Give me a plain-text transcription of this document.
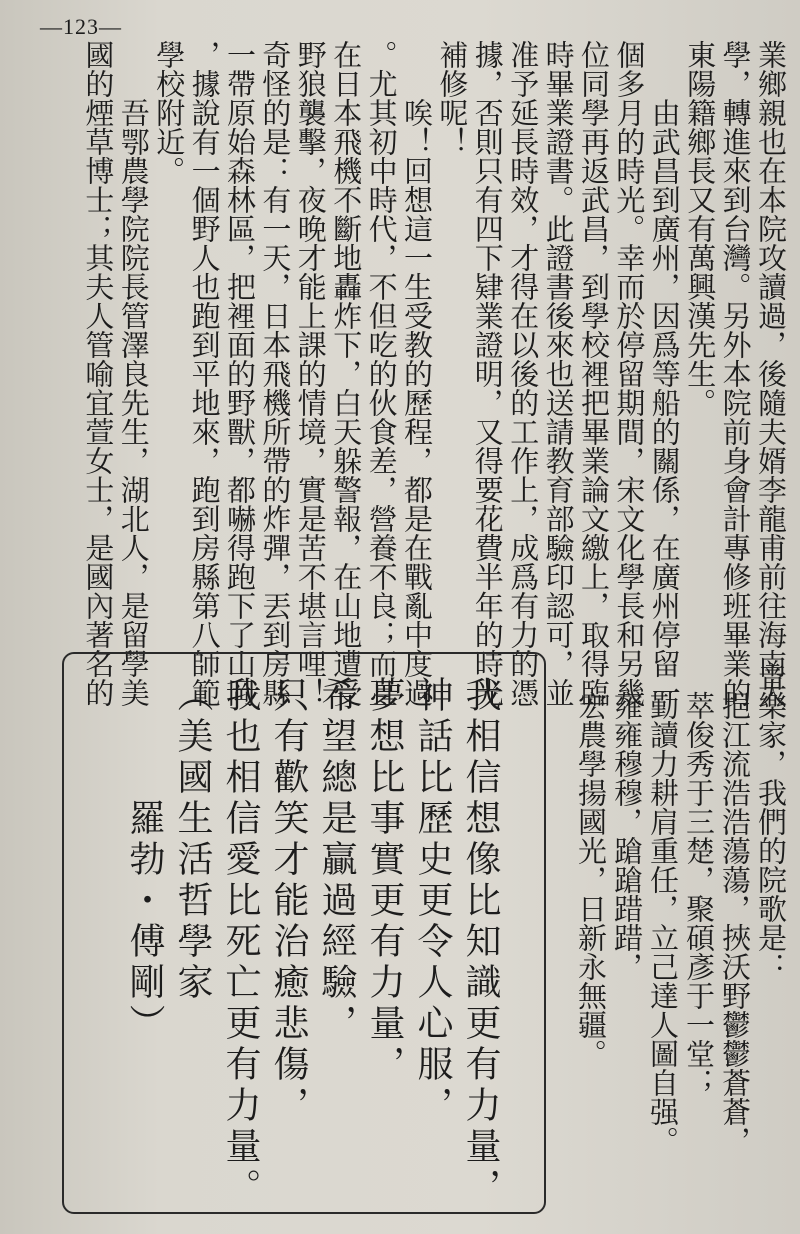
—123—
業鄉親也在本院攻讀過，後隨夫婿李龍甫前往海南大
學，轉進來到台灣。另外本院前身會計專修班畢業的
東陽籍鄉長又有萬興漢先生。
　　由武昌到廣州，因爲等船的關係，在廣州停留一
個多月的時光。幸而於停留期間，宋文化學長和另幾
位同學再返武昌，到學校裡把畢業論文繳上，取得臨
時畢業證書。此證書後來也送請教育部驗印認可，並
准予延長時效，才得在以後的工作上，成爲有力的憑
據，否則只有四下肄業證明，又得要花費半年的時光
補修呢！
　　唉！回想這一生受教的歷程，都是在戰亂中度過
。尤其初中時代，不但吃的伙食差，營養不良；而且
在日本飛機不斷地轟炸下，白天躲警報，在山地遭受
野狼襲擊，夜晚才能上課的情境，實是苦不堪言哩！
奇怪的是：有一天，日本飛機所帶的炸彈，丟到房縣
一帶原始森林區，把裡面的野獸，都嚇得跑下了山岡
，據說有一個野人也跑到平地來，跑到房縣第八師範
學校附近。
　　吾鄂農學院院長管澤良先生，湖北人，是留學美
國的煙草博士；其夫人管喻宜萱女士，是國內著名的
音樂家，我們的院歌是：
　挹江流浩浩蕩蕩，挾沃野鬱鬱蒼蒼，
　萃俊秀于三楚，聚碩彥于一堂；
　勤讀力耕肩重任，立己達人圖自强。
　雍雍穆穆，蹌蹌踖踖，
　宏農學揚國光，日新永無疆。
我相信想像比知識更有力量，
神話比歷史更令人心服，
夢想比事實更有力量，
希望總是贏過經驗，
只有歡笑才能治癒悲傷，
我也相信愛比死亡更有力量。
（美國生活哲學家
　　　羅勃・傅剛）
